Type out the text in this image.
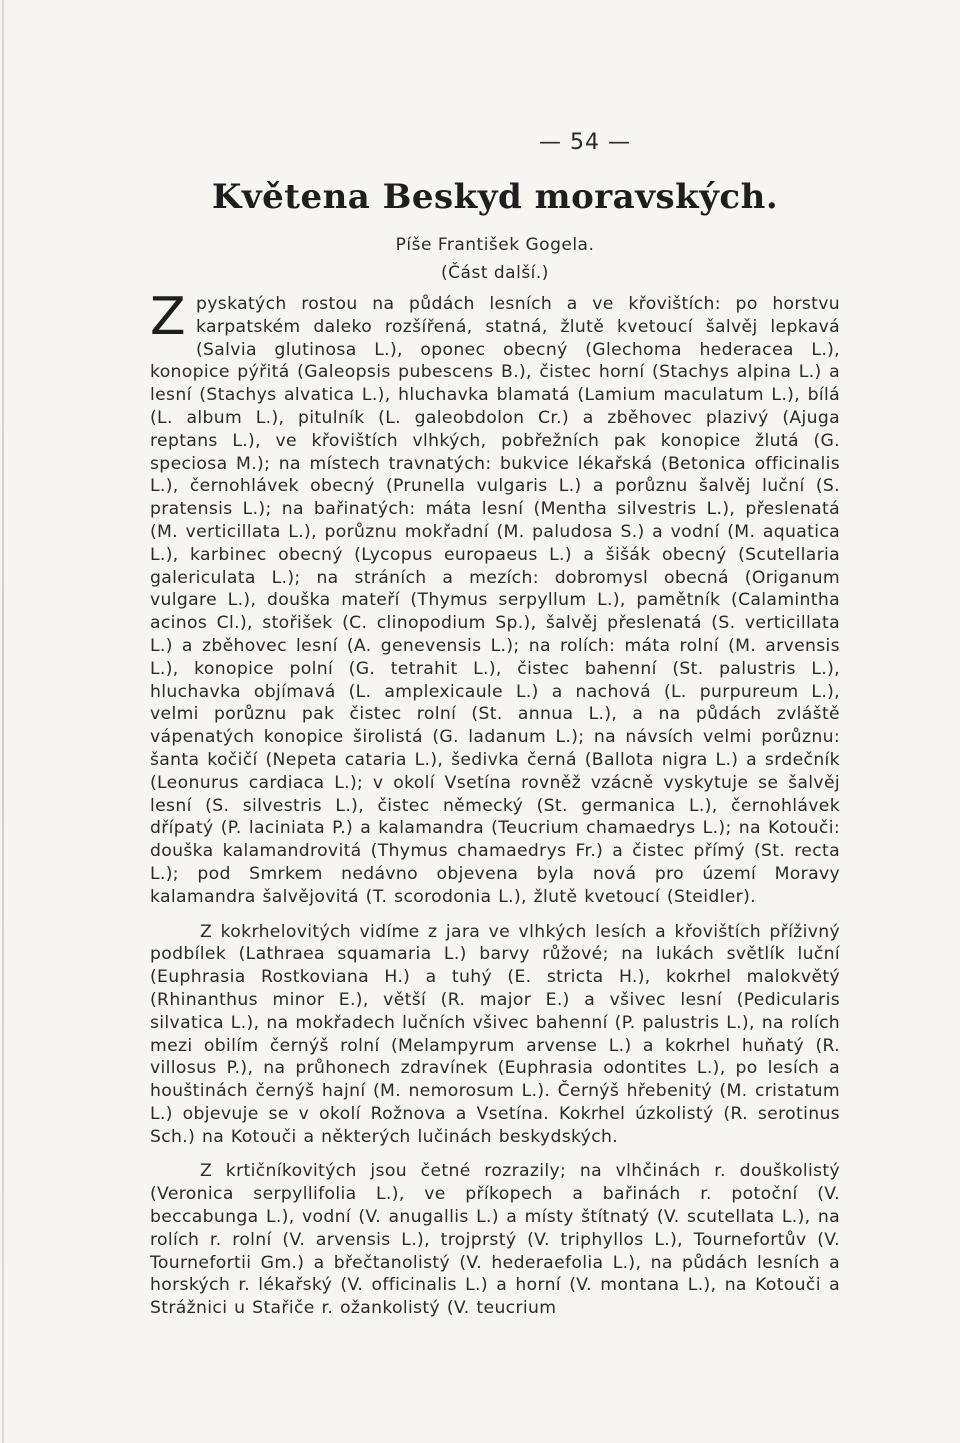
— 54 —
Květena Beskyd moravských.
Píše František Gogela.
(Část další.)

Zpyskatých rostou na půdách lesních a ve křovištích: po horstvu karpatském daleko rozšířená, statná, žlutě kvetoucí šalvěj lepkavá (Salvia glutinosa L.), oponec obecný (Glechoma hederacea L.), konopice pýřitá (Galeopsis pubescens B.), čistec horní (Stachys alpina L.) a lesní (Stachys alvatica L.), hluchavka blamatá (Lamium maculatum L.), bílá (L. album L.), pitulník (L. galeobdolon Cr.) a zběhovec plazivý (Ajuga reptans L.), ve křovištích vlhkých, pobřežních pak konopice žlutá (G. speciosa M.); na místech travnatých: bukvice lékařská (Betonica officinalis L.), černohlávek obecný (Prunella vulgaris L.) a porůznu šalvěj luční (S. pratensis L.); na bařinatých: máta lesní (Mentha silvestris L.), přeslenatá (M. verticillata L.), porůznu mokřadní (M. paludosa S.) a vodní (M. aquatica L.), karbinec obecný (Lycopus europaeus L.) a šišák obecný (Scutellaria galericulata L.); na stráních a mezích: dobromysl obecná (Origanum vulgare L.), douška mateří (Thymus serpyllum L.), pamětník (Calamintha acinos Cl.), stořišek (C. clinopodium Sp.), šalvěj přeslenatá (S. verticillata L.) a zběhovec lesní (A. genevensis L.); na rolích: máta rolní (M. arvensis L.), konopice polní (G. tetrahit L.), čistec bahenní (St. palustris L.), hluchavka objímavá (L. amplexicaule L.) a nachová (L. purpureum L.), velmi porůznu pak čistec rolní (St. annua L.), a na půdách zvláště vápenatých konopice širolistá (G. ladanum L.); na návsích velmi porůznu: šanta kočičí (Nepeta cataria L.), šedivka černá (Ballota nigra L.) a srdečník (Leonurus cardiaca L.); v okolí Vsetína rovněž vzácně vyskytuje se šalvěj lesní (S. silvestris L.), čistec německý (St. germanica L.), černohlávek dřípatý (P. laciniata P.) a kalamandra (Teucrium chamaedrys L.); na Kotouči: douška kalamandrovitá (Thymus chamaedrys Fr.) a čistec přímý (St. recta L.); pod Smrkem nedávno objevena byla nová pro území Moravy kalamandra šalvějovitá (T. scorodonia L.), žlutě kvetoucí (Steidler).

Z kokrhelovitých vidíme z jara ve vlhkých lesích a křovištích příživný podbílek (Lathraea squamaria L.) barvy růžové; na lukách světlík luční (Euphrasia Rostkoviana H.) a tuhý (E. stricta H.), kokrhel malokvětý (Rhinanthus minor E.), větší (R. major E.) a všivec lesní (Pedicularis silvatica L.), na mokřadech lučních všivec bahenní (P. palustris L.), na rolích mezi obilím černýš rolní (Melampyrum arvense L.) a kokrhel huňatý (R. villosus P.), na průhonech zdravínek (Euphrasia odontites L.), po lesích a houštinách černýš hajní (M. nemorosum L.). Černýš hřebenitý (M. cristatum L.) objevuje se v okolí Rožnova a Vsetína. Kokrhel úzkolistý (R. serotinus Sch.) na Kotouči a některých lučinách beskydských.

Z krtičníkovitých jsou četné rozrazily; na vlhčinách r. douškolistý (Veronica serpyllifolia L.), ve příkopech a bařinách r. potoční (V. beccabunga L.), vodní (V. anugallis L.) a místy štítnatý (V. scutellata L.), na rolích r. rolní (V. arvensis L.), trojprstý (V. triphyllos L.), Tournefortův (V. Tournefortii Gm.) a břečtanolistý (V. hederaefolia L.), na půdách lesních a horských r. lékařský (V. officinalis L.) a horní (V. montana L.), na Kotouči a Strážnici u Stařiče r. ožankolistý (V. teucrium
